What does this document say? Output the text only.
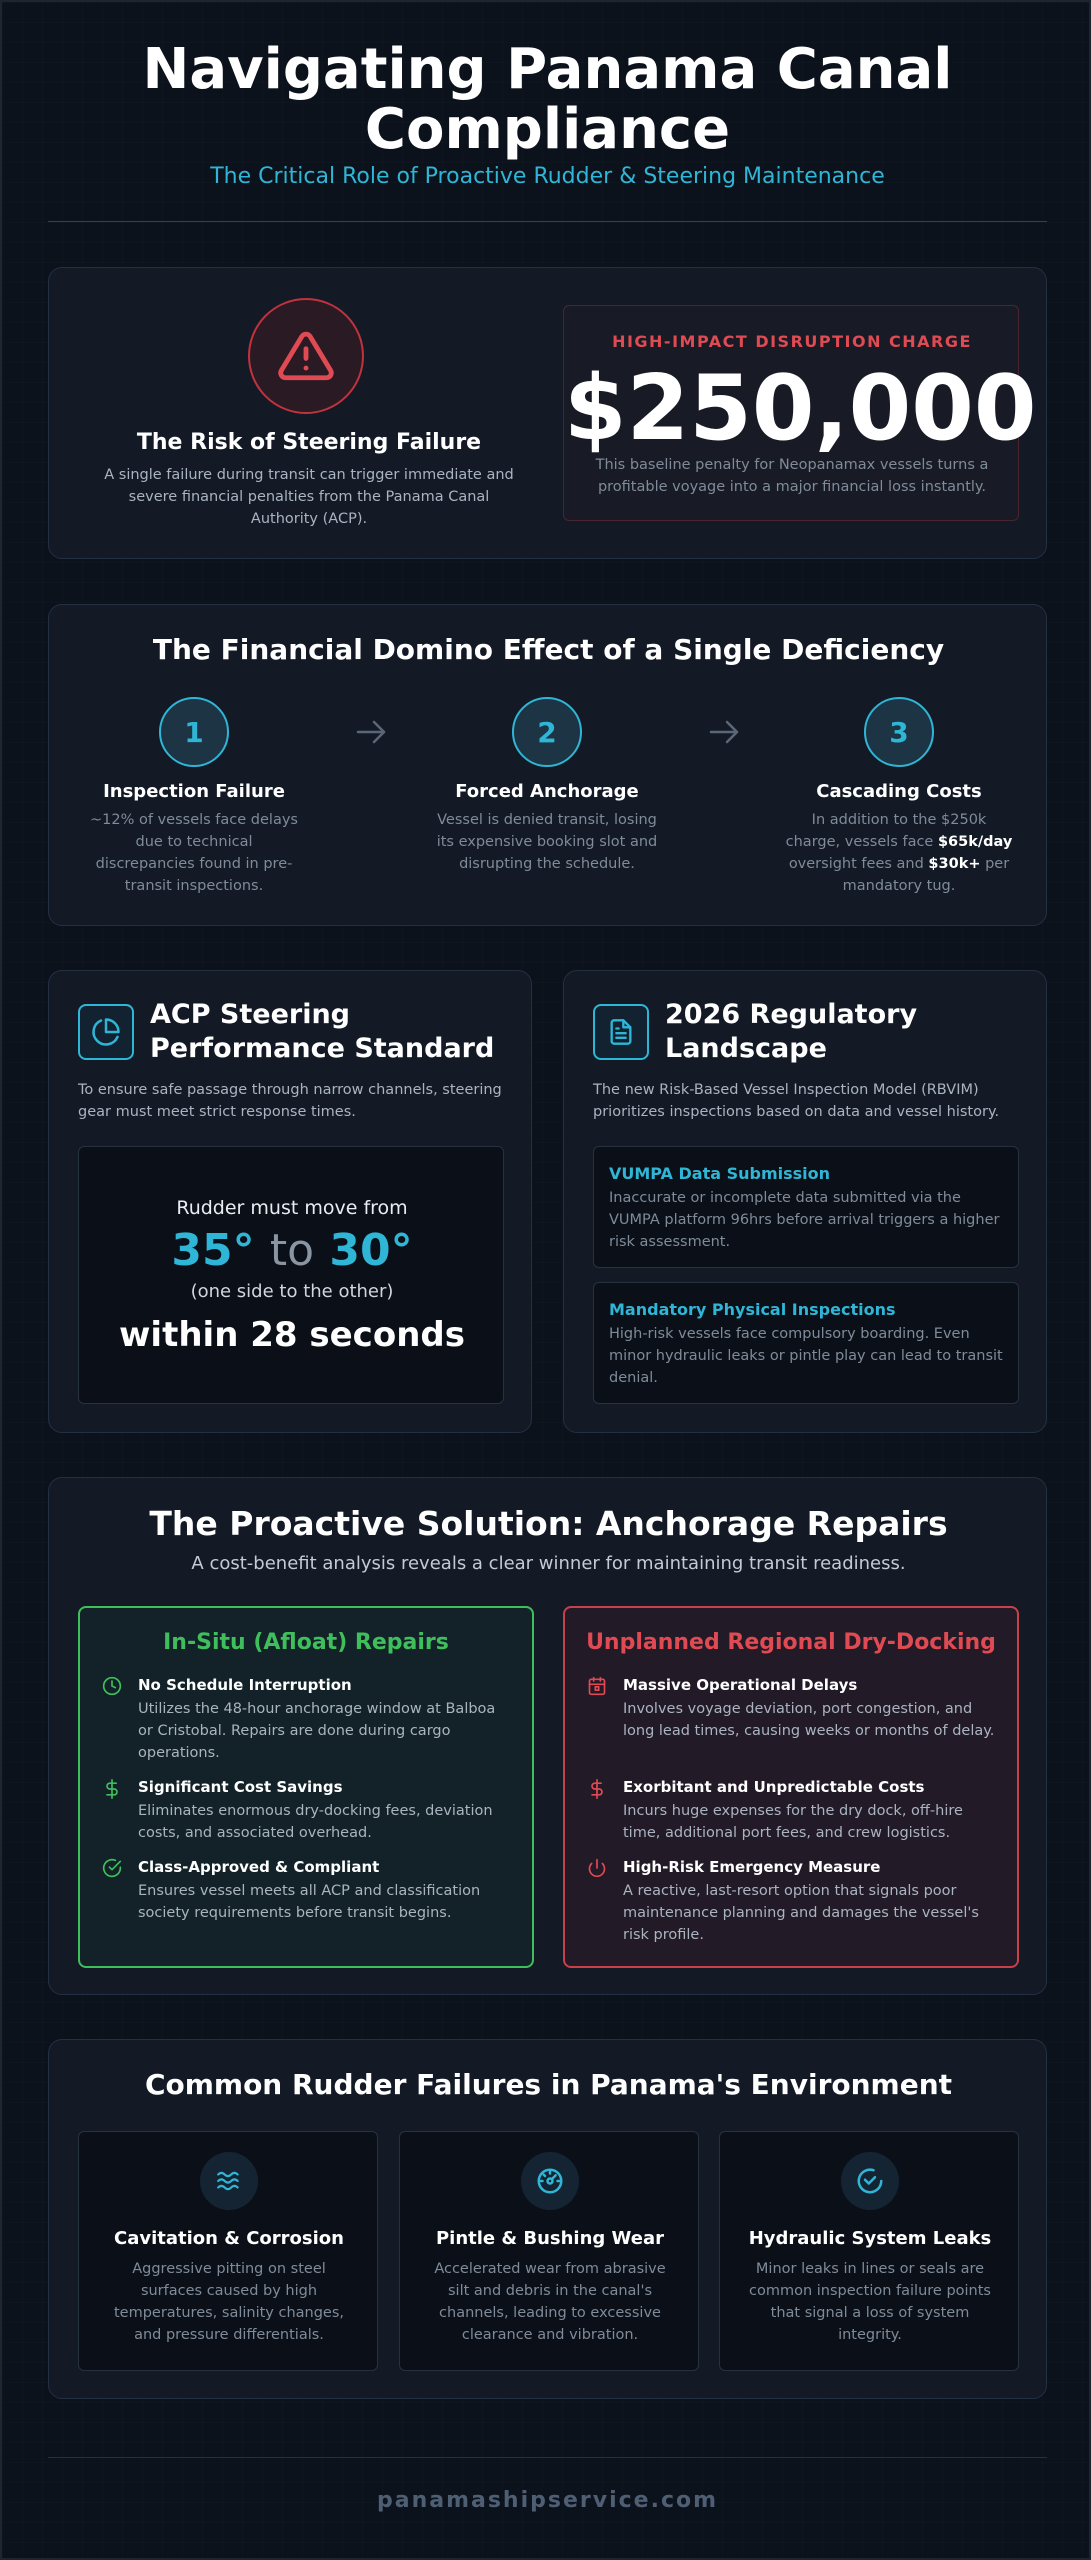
Navigating Panama Canal
Compliance
The Critical Role of Proactive Rudder & Steering Maintenance
The Risk of Steering Failure
A single failure during transit can trigger immediate and severe financial penalties from the Panama Canal Authority (ACP).
HIGH-IMPACT DISRUPTION CHARGE
$250,000
This baseline penalty for Neopanamax vessels turns a profitable voyage into a major financial loss instantly.
The Financial Domino Effect of a Single Deficiency
1
Inspection Failure
~12% of vessels face delays due to technical discrepancies found in pre-transit inspections.
2
Forced Anchorage
Vessel is denied transit, losing its expensive booking slot and disrupting the schedule.
3
Cascading Costs
In addition to the $250k charge, vessels face $65k/day oversight fees and $30k+ per mandatory tug.
ACP Steering
Performance Standard
To ensure safe passage through narrow channels, steering gear must meet strict response times.
Rudder must move from
35° to 30°
(one side to the other)
within 28 seconds
2026 Regulatory
Landscape
The new Risk-Based Vessel Inspection Model (RBVIM) prioritizes inspections based on data and vessel history.
VUMPA Data Submission
Inaccurate or incomplete data submitted via the VUMPA platform 96hrs before arrival triggers a higher risk assessment.
Mandatory Physical Inspections
High-risk vessels face compulsory boarding. Even minor hydraulic leaks or pintle play can lead to transit denial.
The Proactive Solution: Anchorage Repairs
A cost-benefit analysis reveals a clear winner for maintaining transit readiness.
In-Situ (Afloat) Repairs
No Schedule Interruption
Utilizes the 48-hour anchorage window at Balboa or Cristobal. Repairs are done during cargo operations.
Significant Cost Savings
Eliminates enormous dry-docking fees, deviation costs, and associated overhead.
Class-Approved & Compliant
Ensures vessel meets all ACP and classification society requirements before transit begins.
Unplanned Regional Dry-Docking
Massive Operational Delays
Involves voyage deviation, port congestion, and long lead times, causing weeks or months of delay.
Exorbitant and Unpredictable Costs
Incurs huge expenses for the dry dock, off-hire time, additional port fees, and crew logistics.
High-Risk Emergency Measure
A reactive, last-resort option that signals poor maintenance planning and damages the vessel's risk profile.
Common Rudder Failures in Panama's Environment
Cavitation & Corrosion
Aggressive pitting on steel surfaces caused by high temperatures, salinity changes, and pressure differentials.
Pintle & Bushing Wear
Accelerated wear from abrasive silt and debris in the canal's channels, leading to excessive clearance and vibration.
Hydraulic System Leaks
Minor leaks in lines or seals are common inspection failure points that signal a loss of system integrity.
panamashipservice.com
